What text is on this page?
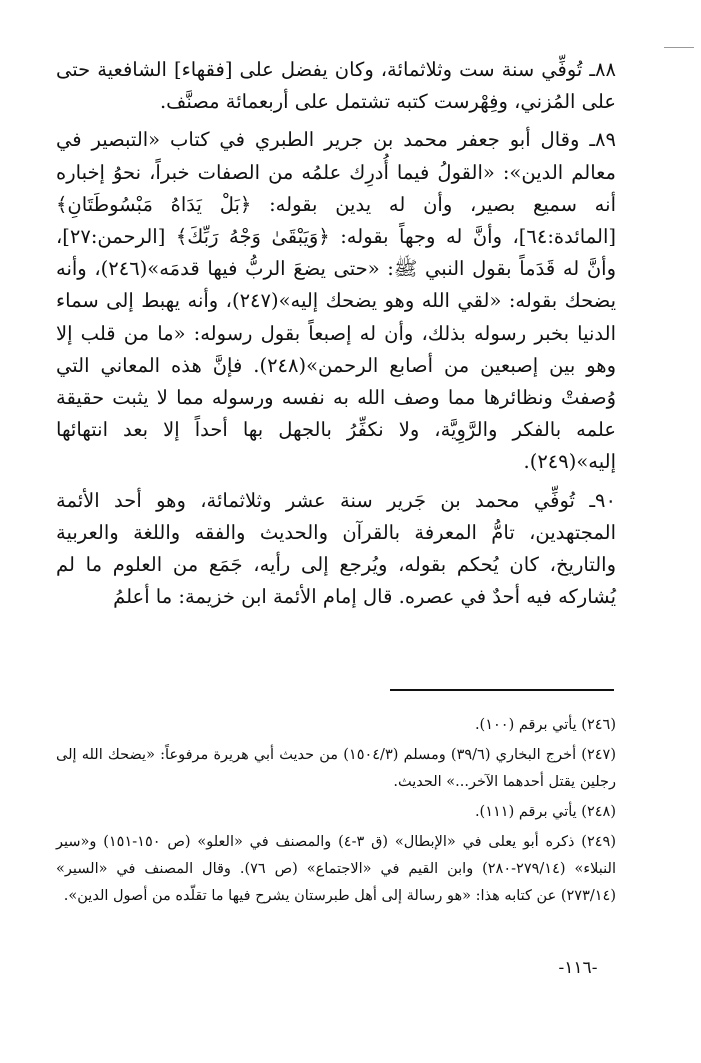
٨٨ـ تُوفِّي سنة ست وثلاثمائة، وكان يفضل على [فقهاء] الشافعية حتى على المُزني، وفِهْرست كتبه تشتمل على أربعمائة مصنَّف.

٨٩ـ وقال أبو جعفر محمد بن جرير الطبري في كتاب «التبصير في معالم الدين»: «القولُ فيما أُدرِك علمُه من الصفات خبراً، نحوُ إخباره أنه سميع بصير، وأن له يدين بقوله: ﴿بَلْ يَدَاهُ مَبْسُوطَتَانِ﴾ [المائدة:٦٤]، وأنَّ له وجهاً بقوله: ﴿وَيَبْقَىٰ وَجْهُ رَبِّكَ﴾ [الرحمن:٢٧]، وأنَّ له قَدَماً بقول النبي ﷺ: «حتى يضعَ الربُّ فيها قدمَه»(٢٤٦)، وأنه يضحك بقوله: «لقي الله وهو يضحك إليه»(٢٤٧)، وأنه يهبط إلى سماء الدنيا بخبر رسوله بذلك، وأن له إصبعاً بقول رسوله: «ما من قلب إلا وهو بين إصبعين من أصابع الرحمن»(٢٤٨). فإنَّ هذه المعاني التي وُصفتْ ونظائرها مما وصف الله به نفسه ورسوله مما لا يثبت حقيقة علمه بالفكر والرَّوِيَّة، ولا نكفِّرُ بالجهل بها أحداً إلا بعد انتهائها إليه»(٢٤٩).

٩٠ـ تُوفِّي محمد بن جَرير سنة عشر وثلاثمائة، وهو أحد الأئمة المجتهدين، تامُّ المعرفة بالقرآن والحديث والفقه واللغة والعربية والتاريخ، كان يُحكم بقوله، ويُرجع إلى رأيه، جَمَع من العلوم ما لم يُشاركه فيه أحدٌ في عصره. قال إمام الأئمة ابن خزيمة: ما أعلمُ

(٢٤٦) يأتي برقم (١٠٠).

(٢٤٧) أخرج البخاري (٣٩/٦) ومسلم (١٥٠٤/٣) من حديث أبي هريرة مرفوعاً: «يضحك الله إلى رجلين يقتل أحدهما الآخر...» الحديث.

(٢٤٨) يأتي برقم (١١١).

(٢٤٩) ذكره أبو يعلى في «الإبطال» (ق ٣-٤) والمصنف في «العلو» (ص ١٥٠-١٥١) و«سير النبلاء» (٢٧٩/١٤-٢٨٠) وابن القيم في «الاجتماع» (ص ٧٦). وقال المصنف في «السير» (٢٧٣/١٤) عن كتابه هذا: «هو رسالة إلى أهل طبرستان يشرح فيها ما تقلّده من أصول الدين».

-١١٦-
